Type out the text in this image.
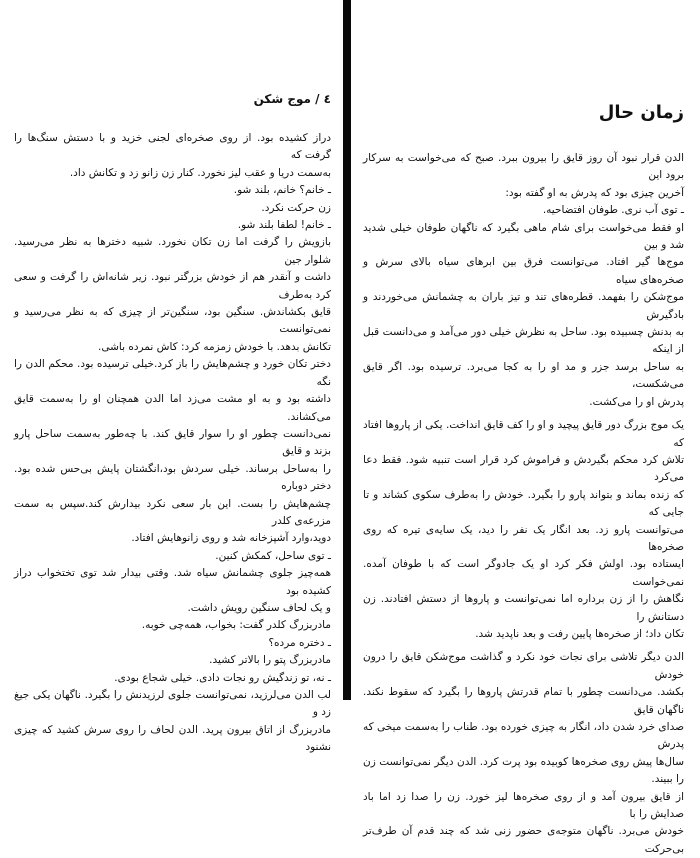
٤ / موج شکن

دراز کشیده بود. از روی صخره‌ای لجنی خزید و با دستش سنگ‌ها را گرفت که
به‌سمت دریا و عقب لیز نخورد. کنار زن زانو زد و تکانش داد.

ـ خانم؟ خانم، بلند شو.

زن حرکت نکرد.

ـ خانم! لطفا بلند شو.

بازویش را گرفت اما زن تکان نخورد. شبیه دخترها به نظر می‌رسید. شلوار جین
داشت و آنقدر هم از خودش بزرگتر نبود. زیر شانه‌اش را گرفت و سعی کرد به‌طرف
قایق بکشاندش. سنگین بود، سنگین‌تر از چیزی که به نظر می‌رسید و نمی‌توانست
تکانش بدهد. با خودش زمزمه کرد: کاش نمرده باشی.

دختر تکان خورد و چشم‌هایش را باز کرد.خیلی ترسیده بود. محکم الدن را نگه
داشته بود و به او مشت می‌زد اما الدن همچنان او را به‌سمت قایق می‌کشاند.
نمی‌دانست چطور او را سوار قایق کند. با چه‌طور به‌سمت ساحل پارو بزند و قایق
را به‌ساحل برساند. خیلی سردش بود،انگشتان پایش بی‌حس شده بود. دختر دوباره
چشم‌هایش را بست. این بار سعی نکرد بیدارش کند.سپس به سمت مزرعه‌ی کلدر
دوید،وارد آشپزخانه شد و روی زانوهایش افتاد.

ـ توی ساحل، کمکش کنین.

همه‌چیز جلوی چشمانش سیاه شد. وقتی بیدار شد توی تختخواب دراز کشیده بود
و یک لحاف سنگین رویش داشت.

مادربزرگ کلدر گفت: بخواب، همه‌چی خوبه.

ـ دختره مرده؟

مادربزرگ پتو را بالاتر کشید.

ـ نه، تو زندگیش رو نجات دادی. خیلی شجاع بودی.

لب الدن می‌لرزید، نمی‌توانست جلوی لرزیدنش را بگیرد. ناگهان یکی جیغ زد و
مادربزرگ از اتاق بیرون پرید. الدن لحاف را روی سرش کشید که چیزی نشنود

زمان حال

الدن قرار نبود آن روز قایق را بیرون ببرد. صبح که می‌خواست به سرکار برود این
آخرین چیزی بود که پدرش به او گفته بود:

ـ توی آب نری. طوفان افتضاحیه.

او فقط می‌خواست برای شام ماهی بگیرد که ناگهان طوفان خیلی شدید شد و بین
موج‌ها گیر افتاد. می‌توانست فرق بین ابرهای سیاه بالای سرش و صخره‌های سیاه
موج‌شکن را بفهمد. قطره‌های تند و تیز باران به چشمانش می‌خوردند و بادگیرش
به بدنش چسبیده بود. ساحل به نظرش خیلی دور می‌آمد و می‌دانست قبل از اینکه
به ساحل برسد جزر و مد او را به کجا می‌برد. ترسیده بود. اگر قایق می‌شکست،
پدرش او را می‌کشت.

یک موج بزرگ دور قایق پیچید و او را کف قایق انداخت. یکی از پاروها افتاد که
تلاش کرد محکم بگیردش و فراموش کرد قرار است تنبیه شود. فقط دعا می‌کرد
که زنده بماند و بتواند پارو را بگیرد. خودش را به‌طرف سکوی کشاند و تا جایی که
می‌توانست پارو زد. بعد انگار یک نفر را دید، یک سایه‌ی تیره که روی صخره‌ها
ایستاده بود. اولش فکر کرد او یک جادوگر است که با طوفان آمده. نمی‌خواست
نگاهش را از زن برداره اما نمی‌توانست و پاروها از دستش افتادند. زن دستانش را
تکان داد؛ از صخره‌ها پایین رفت و بعد ناپدید شد.

الدن دیگر تلاشی برای نجات خود نکرد و گذاشت موج‌شکن قایق را درون خودش
بکشد. می‌دانست چطور با تمام قدرتش پاروها را بگیرد که سقوط نکند. ناگهان قایق
صدای خرد شدن داد، انگار به چیزی خورده بود. طناب را به‌سمت میخی که پدرش
سال‌ها پیش روی صخره‌ها کوبیده بود پرت کرد. الدن دیگر نمی‌توانست زن را ببیند.
از قایق بیرون آمد و از روی صخره‌ها لیز خورد. زن را صدا زد اما باد صدایش را با
خودش می‌برد. ناگهان متوجه‌ی حضور زنی شد که چند قدم آن طرف‌تر بی‌حرکت
